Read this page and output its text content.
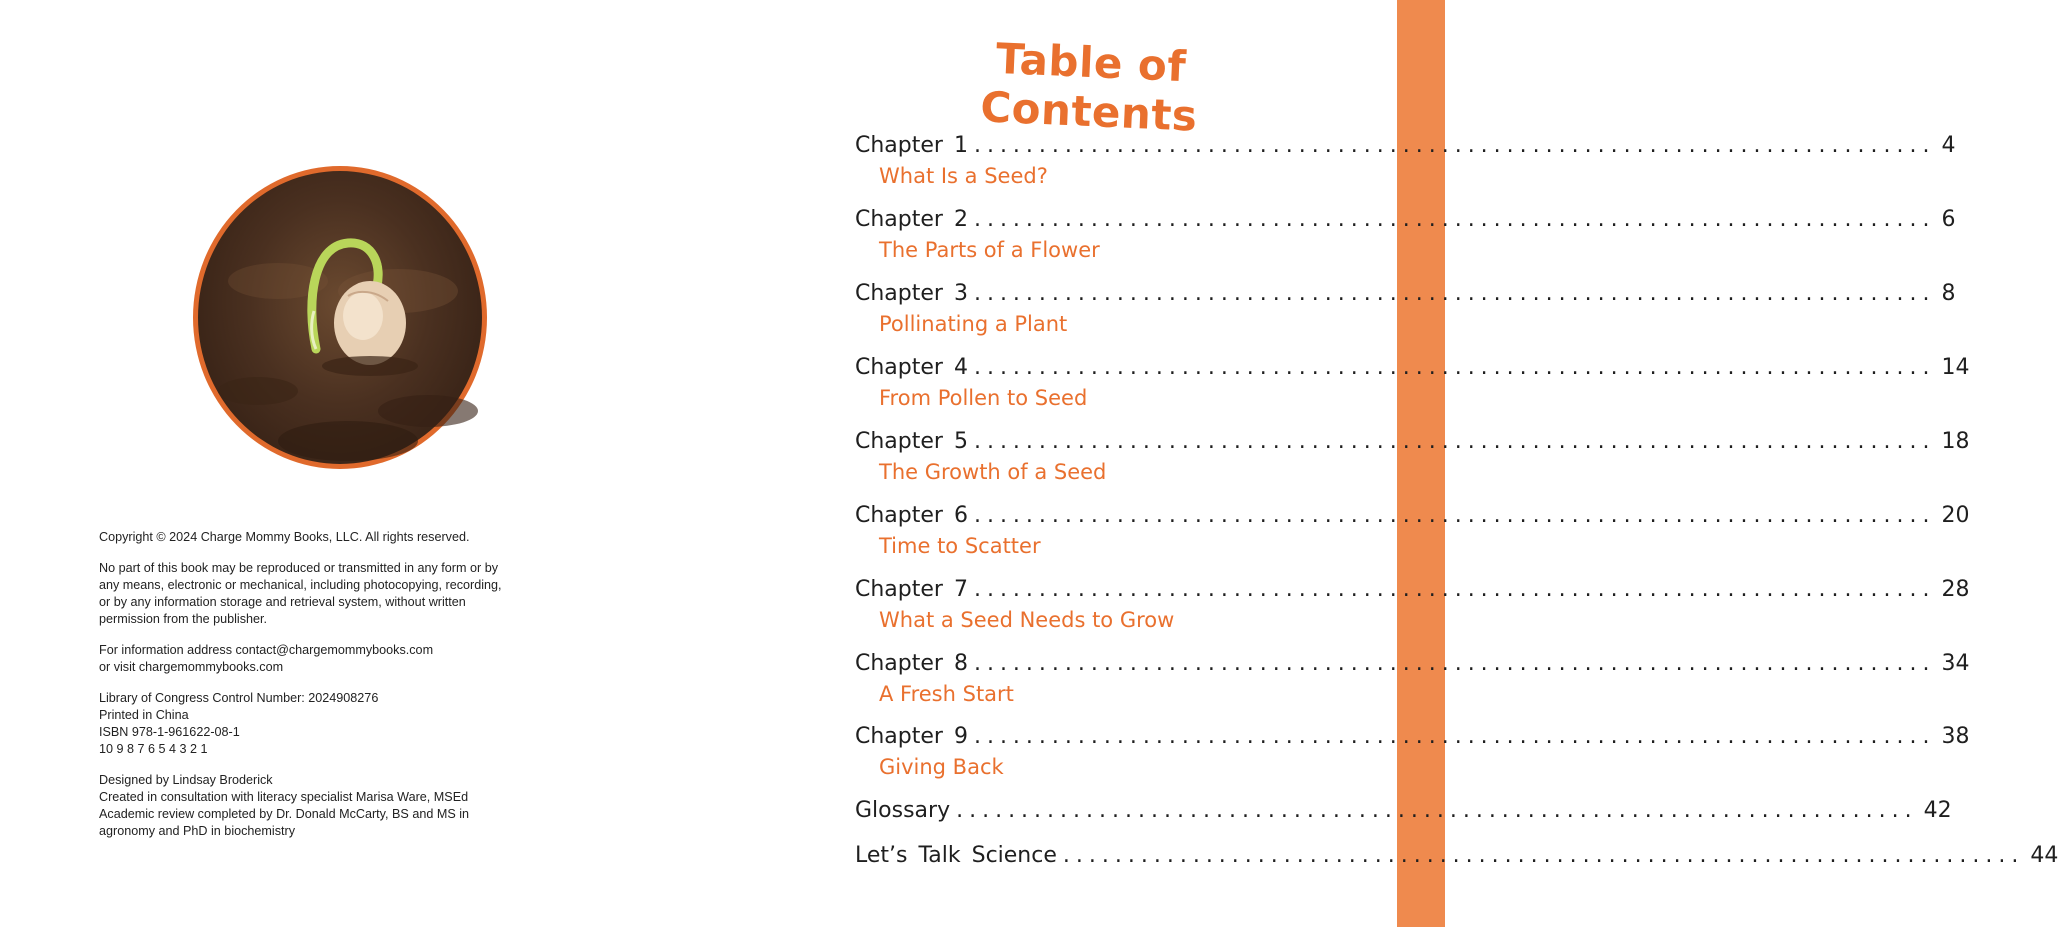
Copyright © 2024 Charge Mommy Books, LLC. All rights reserved.

No part of this book may be reproduced or transmitted in any form or by
any means, electronic or mechanical, including photocopying, recording,
or by any information storage and retrieval system, without written
permission from the publisher.

For information address contact@chargemommybooks.com
or visit chargemommybooks.com

Library of Congress Control Number: 2024908276
Printed in China
ISBN 978-1-961622-08-1
10 9 8 7 6 5 4 3 2 1

Designed by Lindsay Broderick
Created in consultation with literacy specialist Marisa Ware, MSEd
Academic review completed by Dr. Donald McCarty, BS and MS in
agronomy and PhD in biochemistry

Table of Contents
Chapter 1 .......................................................................... 4
What Is a Seed?
Chapter 2 .......................................................................... 6
The Parts of a Flower
Chapter 3 .......................................................................... 8
Pollinating a Plant
Chapter 4 .......................................................................... 14
From Pollen to Seed
Chapter 5 .......................................................................... 18
The Growth of a Seed
Chapter 6 .......................................................................... 20
Time to Scatter
Chapter 7 .......................................................................... 28
What a Seed Needs to Grow
Chapter 8 .......................................................................... 34
A Fresh Start
Chapter 9 .......................................................................... 38
Giving Back
Glossary .......................................................................... 42
Let’s Talk Science .......................................................................... 44
